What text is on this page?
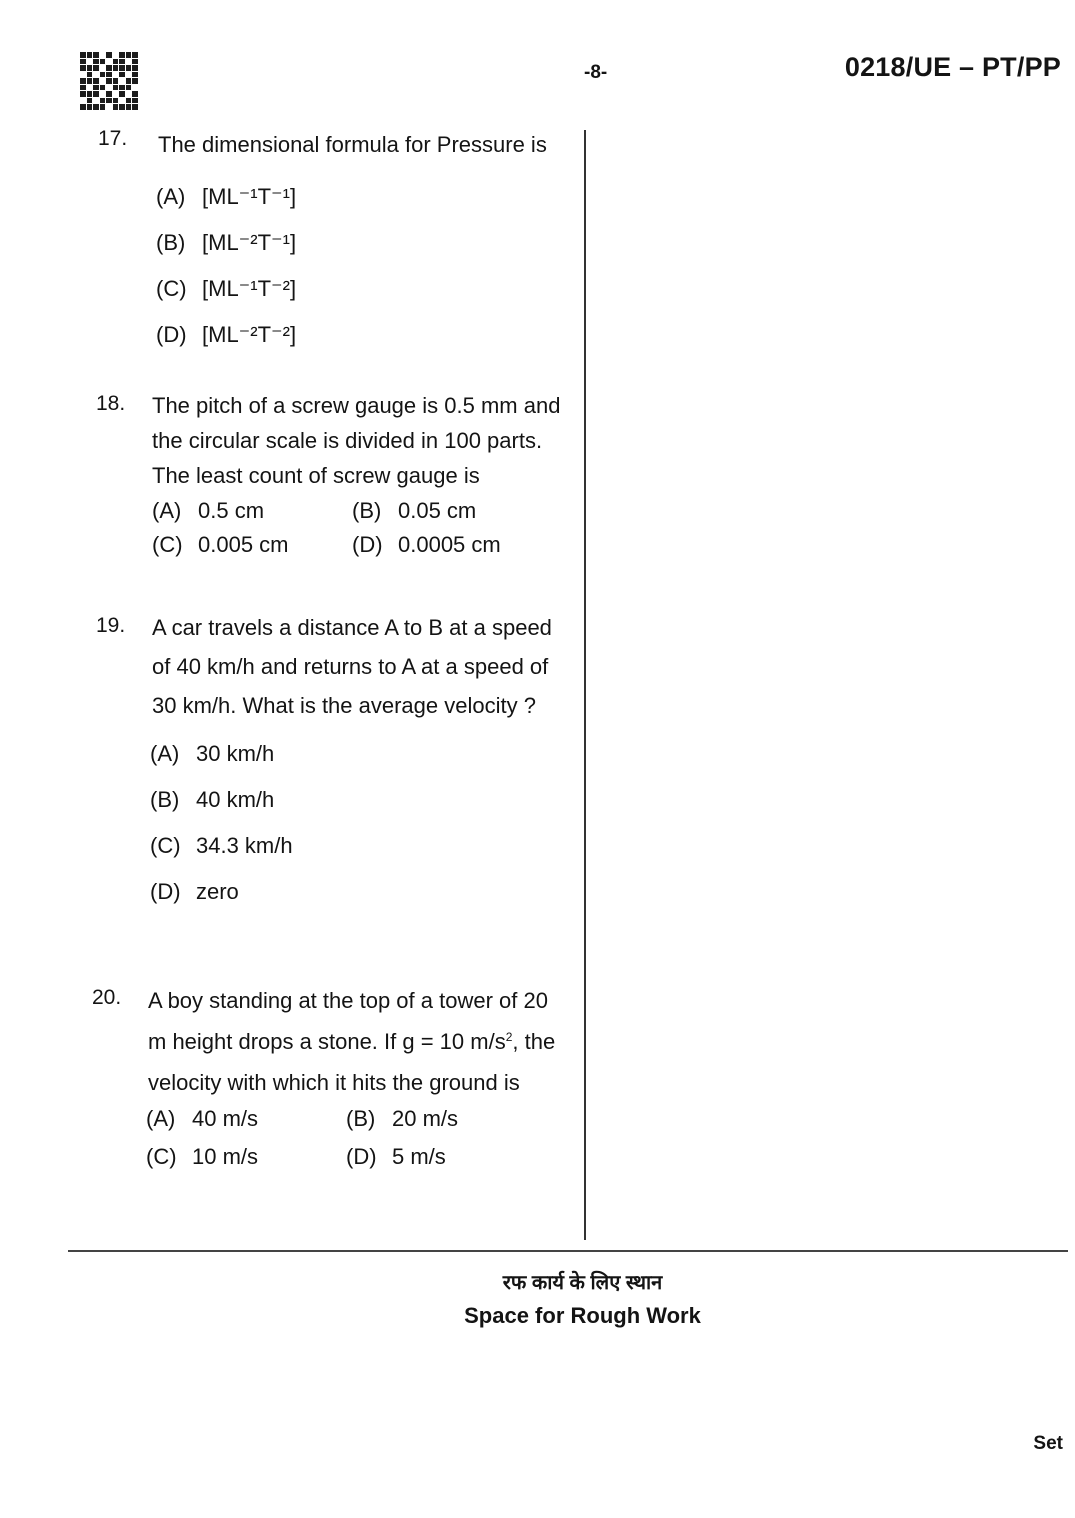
-8-	0218/UE – PT/PP
17.	The dimensional formula for Pressure is
(A) [ML⁻¹T⁻¹]
(B) [ML⁻²T⁻¹]
(C) [ML⁻¹T⁻²]
(D) [ML⁻²T⁻²]
18.	The pitch of a screw gauge is 0.5 mm and the circular scale is divided in 100 parts. The least count of screw gauge is
(A) 0.5 cm	(B) 0.05 cm
(C) 0.005 cm	(D) 0.0005 cm
19.	A car travels a distance A to B at a speed of 40 km/h and returns to A at a speed of 30 km/h. What is the average velocity ?
(A) 30 km/h
(B) 40 km/h
(C) 34.3 km/h
(D) zero
20.	A boy standing at the top of a tower of 20 m height drops a stone. If g = 10 $m/s^2$, the velocity with which it hits the ground is
(A) 40 m/s	(B) 20 m/s
(C) 10 m/s	(D) 5 m/s
रफ कार्य के लिए स्थान
Space for Rough Work
Set
